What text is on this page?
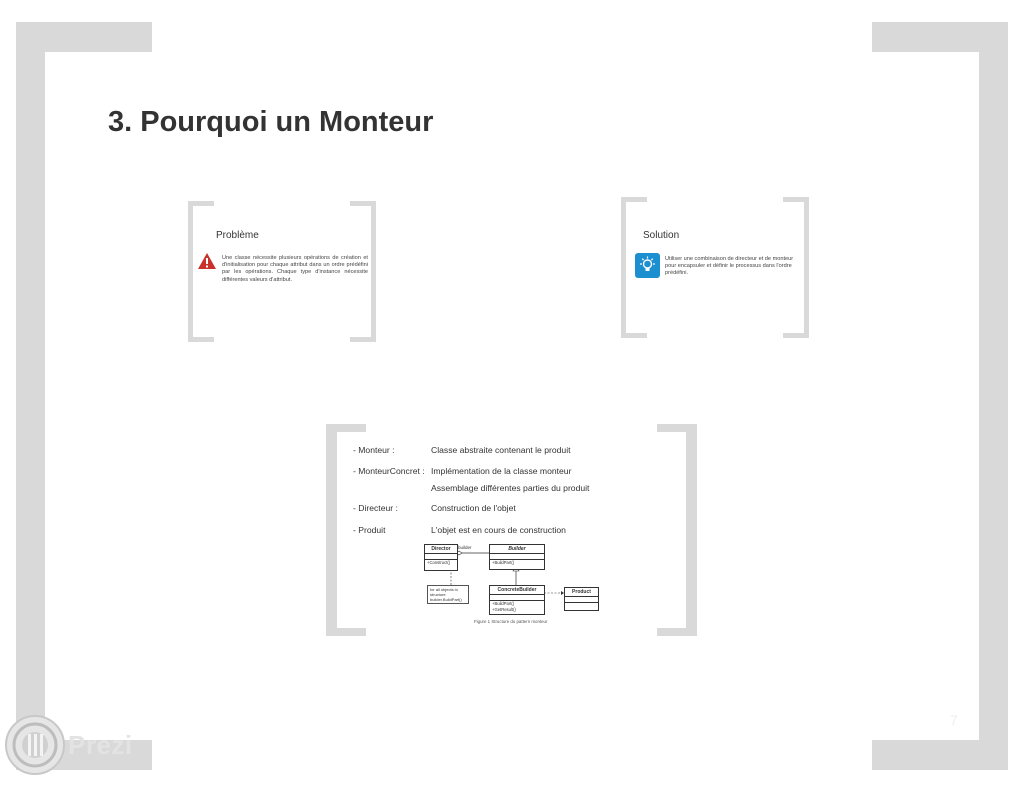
3. Pourquoi un Monteur
Problème
Une classe nécessite plusieurs opérations de création et d'initialisation pour chaque attribut dans un ordre prédéfini par les opérations. Chaque type d'instance nécessite différentes valeurs d'attribut.
Solution
Utiliser une combinaison de directeur et de monteur pour encapsuler et définir le processus dans l'ordre prédéfini.
- Monteur :	Classe abstraite contenant le produit
- MonteurConcret : Implémentation de la classe monteur
Assemblage différentes parties du produit
- Directeur :	Construction de l'objet
- Produit	L'objet est en cours de construction
Director
+Construct()
builder	Builder
+BuildPart()
for all objects in structure
builder.BuildPart()
ConcreteBuilder
+BuildPart()
+GetResult()
Product
Figure 1 Structure du pattern monteur
7
Prezi
